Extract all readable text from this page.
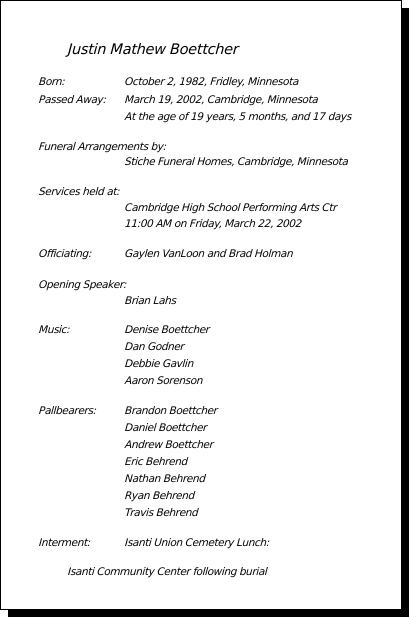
Justin Mathew Boettcher
Born:	October 2, 1982, Fridley, Minnesota
Passed Away: March 19, 2002, Cambridge, Minnesota
At the age of 19 years, 5 months, and 17 days
Funeral Arrangements by:
Stiche Funeral Homes, Cambridge, Minnesota
Services held at:
Cambridge High School Performing Arts Ctr
11:00 AM on Friday, March 22, 2002
Officiating:	Gaylen VanLoon and Brad Holman
Opening Speaker:
Brian Lahs
Music:	Denise Boettcher
Dan Godner
Debbie Gavlin
Aaron Sorenson
Pallbearers:	Brandon Boettcher
Daniel Boettcher
Andrew Boettcher
Eric Behrend
Nathan Behrend
Ryan Behrend
Travis Behrend
Interment:	Isanti Union Cemetery Lunch:
Isanti Community Center following burial
